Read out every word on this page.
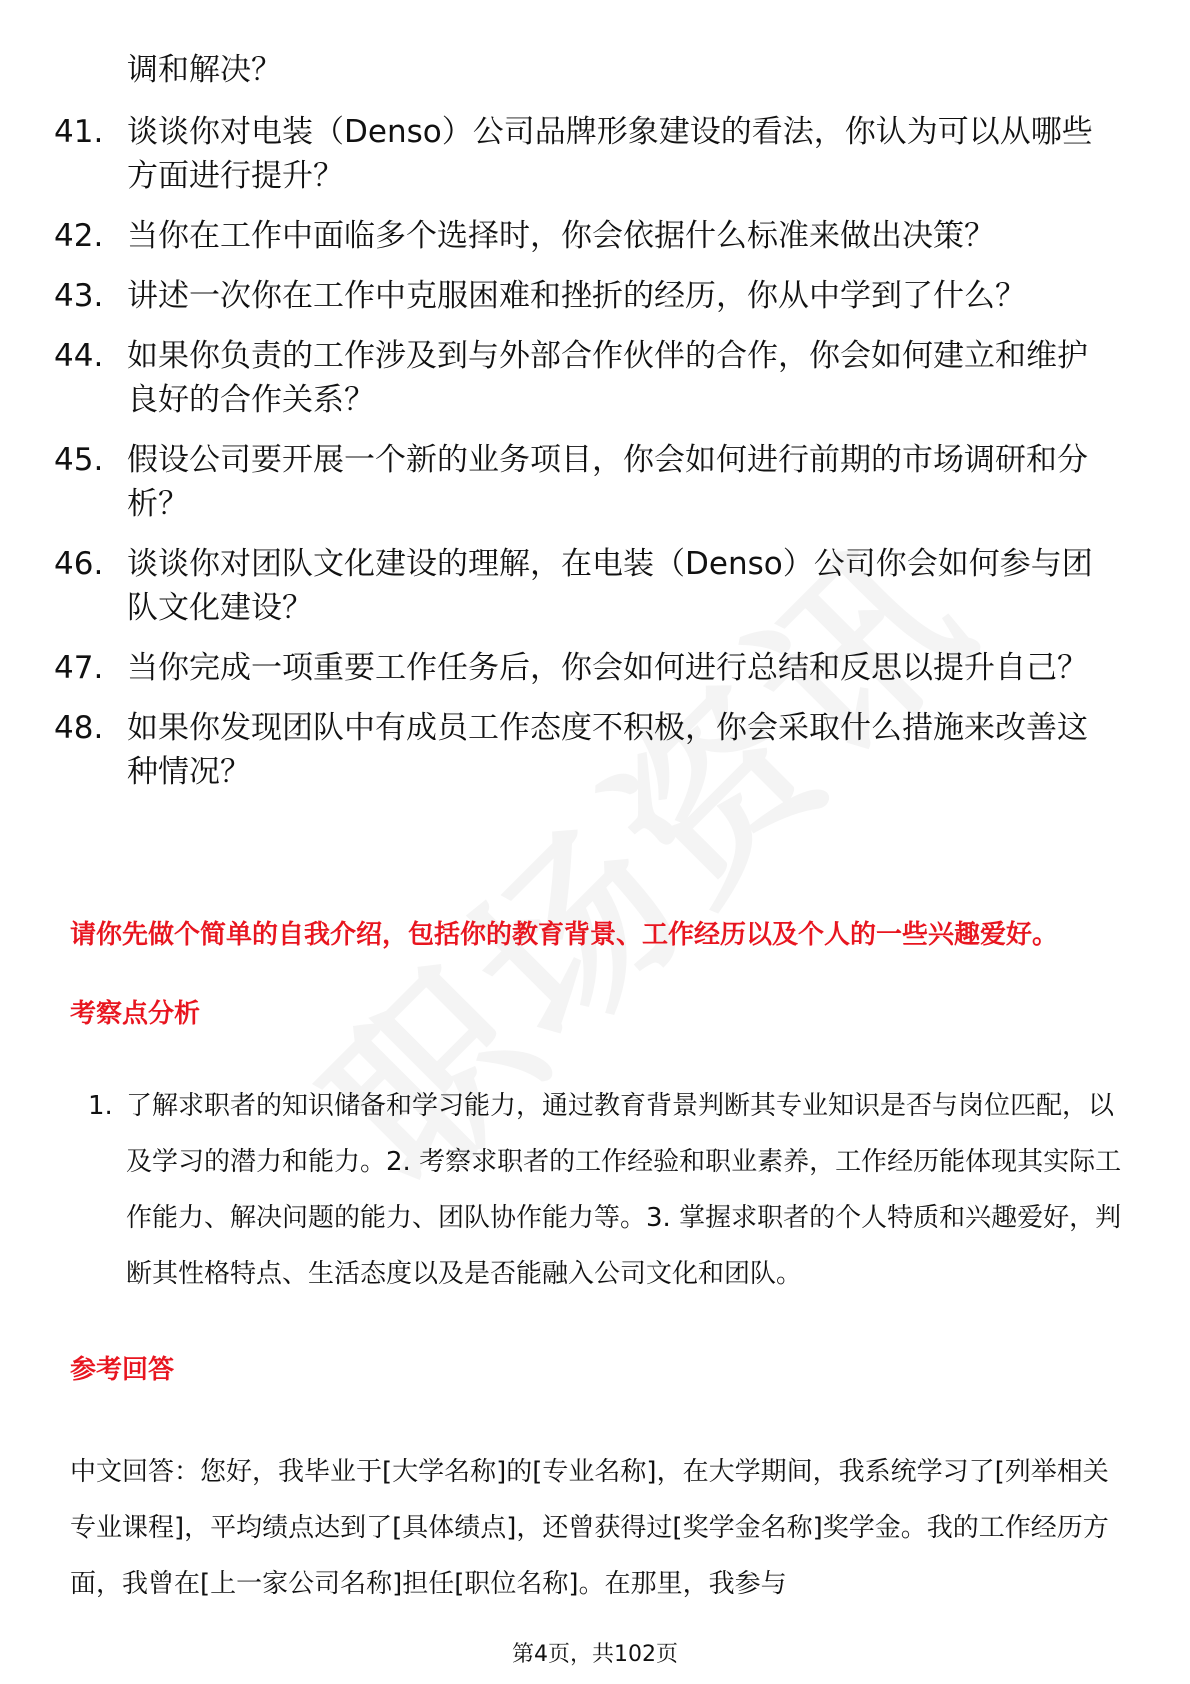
调和解决？
41. 谈谈你对电装（Denso）公司品牌形象建设的看法，你认为可以从哪些方面进行提升？
42. 当你在工作中面临多个选择时，你会依据什么标准来做出决策？
43. 讲述一次你在工作中克服困难和挫折的经历，你从中学到了什么？
44. 如果你负责的工作涉及到与外部合作伙伴的合作，你会如何建立和维护良好的合作关系？
45. 假设公司要开展一个新的业务项目，你会如何进行前期的市场调研和分析？
46. 谈谈你对团队文化建设的理解，在电装（Denso）公司你会如何参与团队文化建设？
47. 当你完成一项重要工作任务后，你会如何进行总结和反思以提升自己？
48. 如果你发现团队中有成员工作态度不积极，你会采取什么措施来改善这种情况？
请你先做个简单的自我介绍，包括你的教育背景、工作经历以及个人的一些兴趣爱好。
考察点分析
1. 了解求职者的知识储备和学习能力，通过教育背景判断其专业知识是否与岗位匹配，以及学习的潜力和能力。2. 考察求职者的工作经验和职业素养，工作经历能体现其实际工作能力、解决问题的能力、团队协作能力等。3. 掌握求职者的个人特质和兴趣爱好，判断其性格特点、生活态度以及是否能融入公司文化和团队。
参考回答
中文回答：您好，我毕业于[大学名称]的[专业名称]，在大学期间，我系统学习了[列举相关专业课程]，平均绩点达到了[具体绩点]，还曾获得过[奖学金名称]奖学金。我的工作经历方面，我曾在[上一家公司名称]担任[职位名称]。在那里，我参与
第4页，共102页
